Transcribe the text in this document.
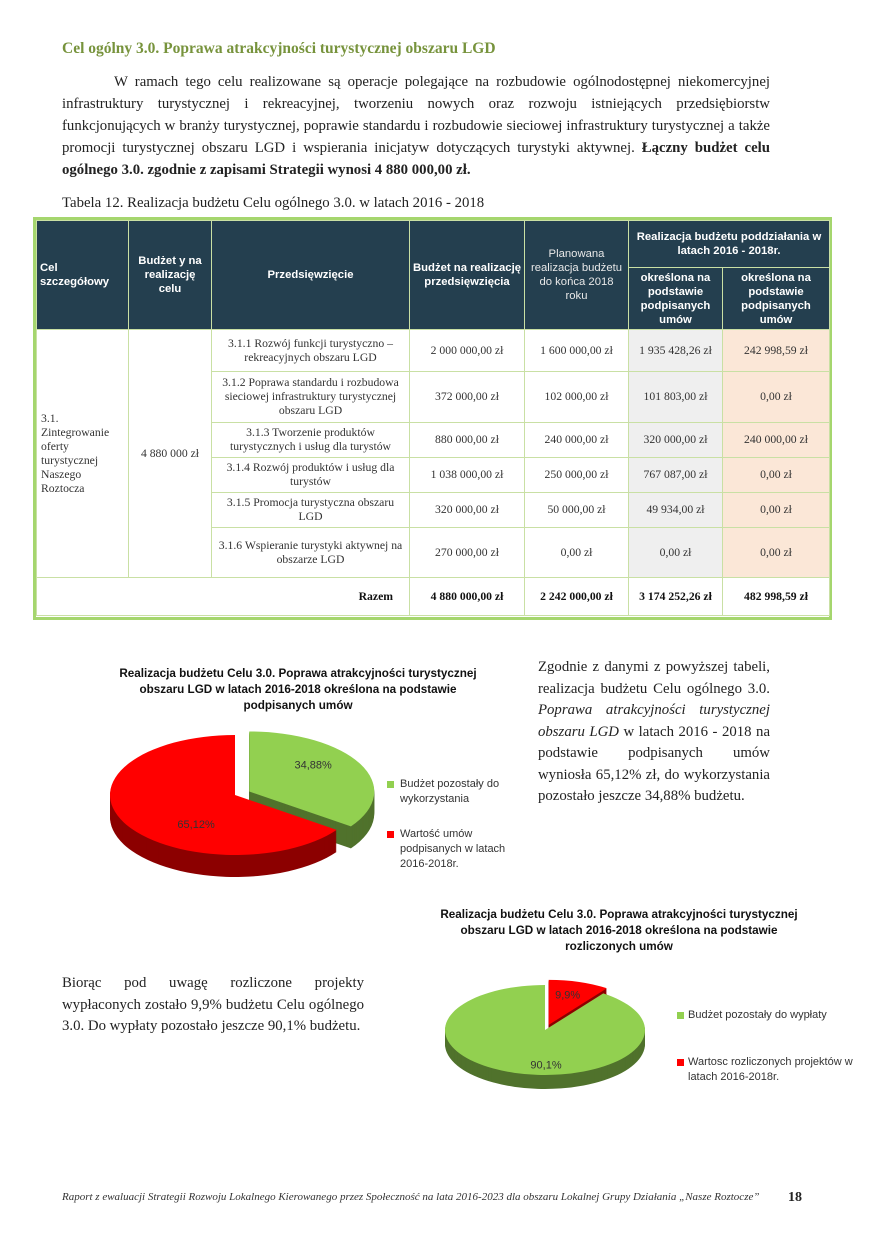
Cel ogólny 3.0. Poprawa atrakcyjności turystycznej obszaru LGD
W ramach tego celu realizowane są operacje polegające na rozbudowie ogólnodostępnej niekomercyjnej infrastruktury turystycznej i rekreacyjnej, tworzeniu nowych oraz rozwoju istniejących przedsiębiorstw funkcjonujących w branży turystycznej, poprawie standardu i rozbudowie sieciowej infrastruktury turystycznej a także promocji turystycznej obszaru LGD i wspierania inicjatyw dotyczących turystyki aktywnej. Łączny budżet celu ogólnego 3.0. zgodnie z zapisami Strategii wynosi 4 880 000,00 zł.
Tabela 12. Realizacja budżetu Celu ogólnego 3.0. w latach 2016 - 2018
Cel szczegółowy	Budżet y na realizację celu	Przedsięwzięcie	Budżet na realizację przedsięwzięcia	Planowana realizacja budżetu do końca 2018 roku	Realizacja budżetu poddziałania w latach 2016 - 2018r.	
					określona na podstawie podpisanych umów	określona na podstawie podpisanych umów
3.1. Zintegrowanie oferty turystycznej Naszego Roztocza	4 880 000 zł	3.1.1 Rozwój funkcji turystyczno – rekreacyjnych obszaru LGD	2 000 000,00 zł	1 600 000,00 zł	1 935 428,26 zł	242 998,59 zł
		3.1.2 Poprawa standardu i rozbudowa sieciowej infrastruktury turystycznej obszaru LGD	372 000,00 zł	102 000,00 zł	101 803,00 zł	0,00 zł
		3.1.3 Tworzenie produktów turystycznych i usług dla turystów	880 000,00 zł	240 000,00 zł	320 000,00 zł	240 000,00 zł
		3.1.4 Rozwój produktów i usług dla turystów	1 038 000,00 zł	250 000,00 zł	767 087,00 zł	0,00 zł
		3.1.5 Promocja turystyczna obszaru LGD	320 000,00 zł	50 000,00 zł	49 934,00 zł	0,00 zł
		3.1.6 Wspieranie turystyki aktywnej na obszarze LGD	270 000,00 zł	0,00 zł	0,00 zł	0,00 zł
Razem			4 880 000,00 zł	2 242 000,00 zł	3 174 252,26 zł	482 998,59 zł
Realizacja budżetu Celu 3.0. Poprawa atrakcyjności turystycznej obszaru LGD w latach 2016-2018 określona na podstawie podpisanych umów
34,88%
65,12%
Budżet pozostały do wykorzystania
Wartość umów podpisanych w latach 2016-2018r.
Zgodnie z danymi z powyższej tabeli, realizacja budżetu Celu ogólnego 3.0. Poprawa atrakcyjności turystycznej obszaru LGD w latach 2016 - 2018 na podstawie podpisanych umów wyniosła 65,12% zł, do wykorzystania pozostało jeszcze 34,88% budżetu.
Realizacja budżetu Celu 3.0. Poprawa atrakcyjności turystycznej obszaru LGD w latach 2016-2018 określona na podstawie rozliczonych umów
90,1%
9,9%
Budżet pozostały do wypłaty
Wartosc rozliczonych projektów w latach 2016-2018r.
Biorąc pod uwagę rozliczone projekty wypłaconych zostało 9,9% budżetu Celu ogólnego 3.0. Do wypłaty pozostało jeszcze 90,1% budżetu.
Raport z ewaluacji Strategii Rozwoju Lokalnego Kierowanego przez Społeczność na lata 2016-2023 dla obszaru Lokalnej Grupy Działania „Nasze Roztocze” 18
